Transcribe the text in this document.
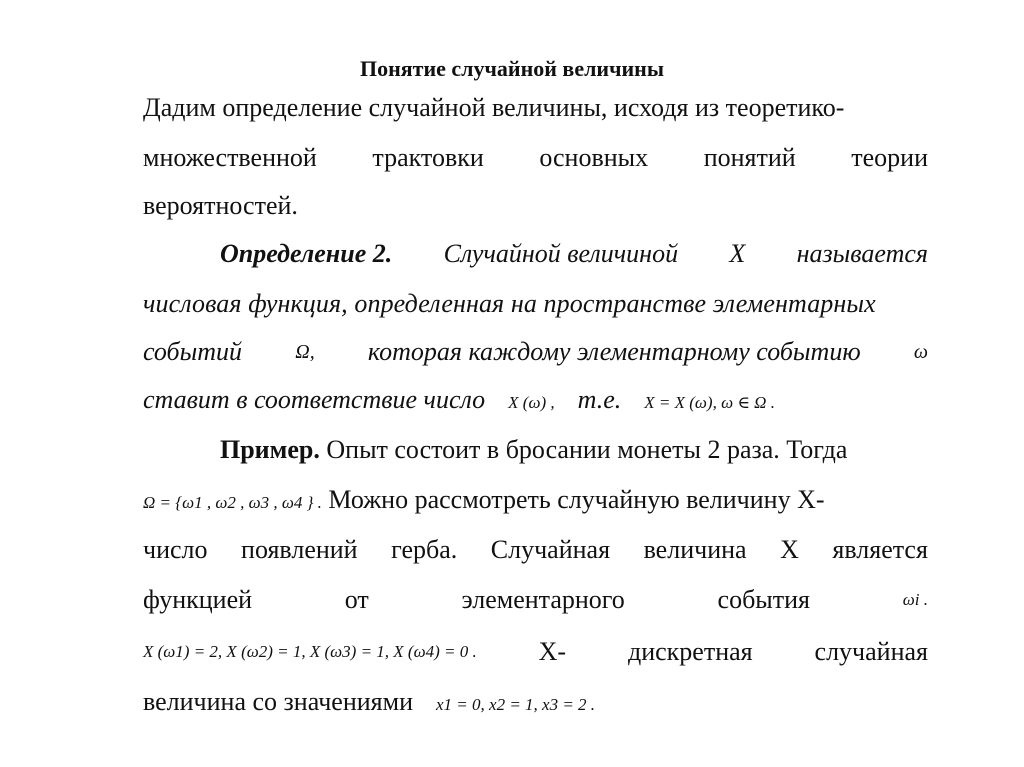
Понятие случайной величины
Дадим определение случайной величины, исходя из теоретико-
множественной трактовки основных понятий теории
вероятностей.
Определение 2. Случайной величиной X называется
числовая функция, определенная на пространстве элементарных
событий	Ω, которая каждому элементарному событию	ω
ставит в соответствие число X (ω) , т.е. X = X (ω), ω ∈ Ω .
Пример. Опыт состоит в бросании монеты 2 раза. Тогда
Ω = {ω1 , ω2 , ω3 , ω4 } . Можно рассмотреть случайную величину Х-
число появлений герба. Случайная величина Х является
функцией	от	элементарного	события	ωi .
X (ω1) = 2, X (ω2) = 1, X (ω3) = 1, X (ω4) = 0 . Х- дискретная случайная
величина со значениями x1 = 0, x2 = 1, x3 = 2 .
